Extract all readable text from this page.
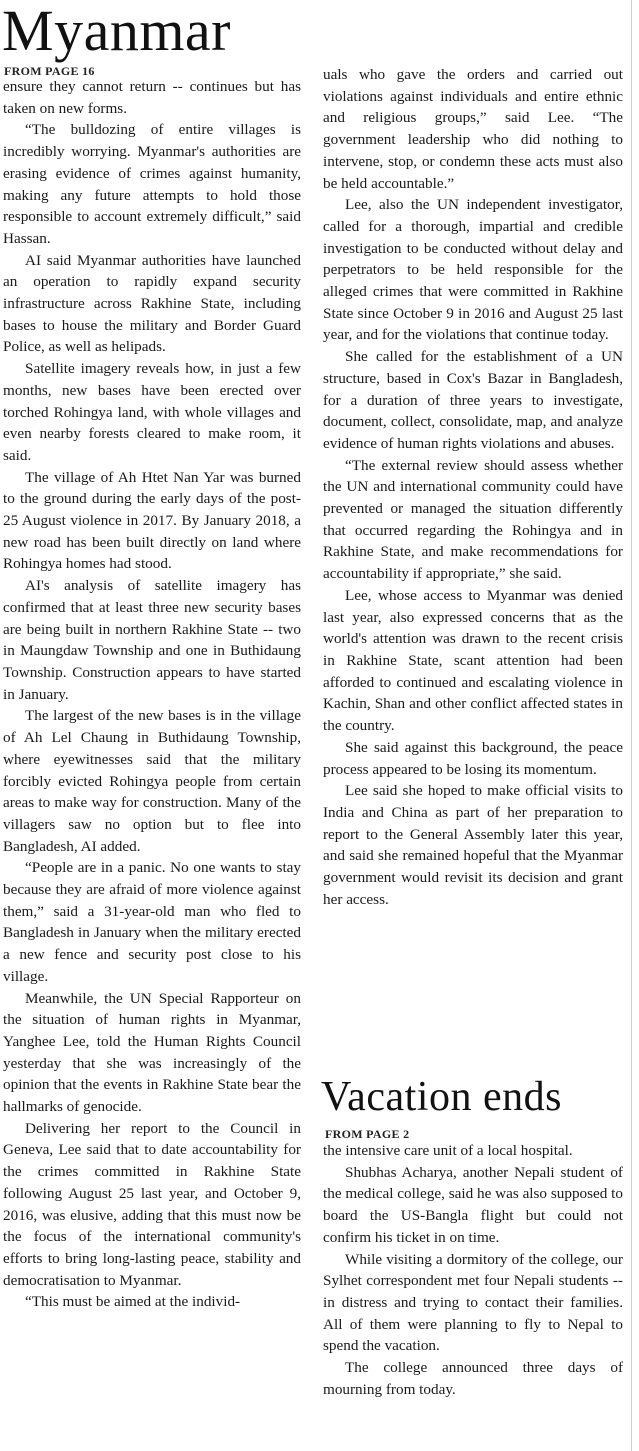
Myanmar
FROM PAGE 16

ensure they cannot return -- continues but has taken on new forms.

“The bulldozing of entire villages is incredibly worrying. Myanmar's authorities are erasing evidence of crimes against humanity, making any future attempts to hold those responsible to account extremely difficult,” said Hassan.

AI said Myanmar authorities have launched an operation to rapidly expand security infrastructure across Rakhine State, including bases to house the military and Border Guard Police, as well as helipads.

Satellite imagery reveals how, in just a few months, new bases have been erected over torched Rohingya land, with whole villages and even nearby forests cleared to make room, it said.

The village of Ah Htet Nan Yar was burned to the ground during the early days of the post-25 August violence in 2017. By January 2018, a new road has been built directly on land where Rohingya homes had stood.

AI's analysis of satellite imagery has confirmed that at least three new security bases are being built in northern Rakhine State -- two in Maungdaw Township and one in Buthidaung Township. Construction appears to have started in January.

The largest of the new bases is in the village of Ah Lel Chaung in Buthidaung Township, where eyewitnesses said that the military forcibly evicted Rohingya people from certain areas to make way for construction. Many of the villagers saw no option but to flee into Bangladesh, AI added.

“People are in a panic. No one wants to stay because they are afraid of more violence against them,” said a 31-year-old man who fled to Bangladesh in January when the military erected a new fence and security post close to his village.

Meanwhile, the UN Special Rapporteur on the situation of human rights in Myanmar, Yanghee Lee, told the Human Rights Council yesterday that she was increasingly of the opinion that the events in Rakhine State bear the hallmarks of genocide.

Delivering her report to the Council in Geneva, Lee said that to date accountability for the crimes committed in Rakhine State following August 25 last year, and October 9, 2016, was elusive, adding that this must now be the focus of the international community's efforts to bring long-lasting peace, stability and democratisation to Myanmar.

“This must be aimed at the individ-

uals who gave the orders and carried out violations against individuals and entire ethnic and religious groups,” said Lee. “The government leadership who did nothing to intervene, stop, or condemn these acts must also be held accountable.”

Lee, also the UN independent investigator, called for a thorough, impartial and credible investigation to be conducted without delay and perpetrators to be held responsible for the alleged crimes that were committed in Rakhine State since October 9 in 2016 and August 25 last year, and for the violations that continue today.

She called for the establishment of a UN structure, based in Cox's Bazar in Bangladesh, for a duration of three years to investigate, document, collect, consolidate, map, and analyze evidence of human rights violations and abuses.

“The external review should assess whether the UN and international community could have prevented or managed the situation differently that occurred regarding the Rohingya and in Rakhine State, and make recommendations for accountability if appropriate,” she said.

Lee, whose access to Myanmar was denied last year, also expressed concerns that as the world's attention was drawn to the recent crisis in Rakhine State, scant attention had been afforded to continued and escalating violence in Kachin, Shan and other conflict affected states in the country.

She said against this background, the peace process appeared to be losing its momentum.

Lee said she hoped to make official visits to India and China as part of her preparation to report to the General Assembly later this year, and said she remained hopeful that the Myanmar government would revisit its decision and grant her access.

Vacation ends
FROM PAGE 2

the intensive care unit of a local hospital.

Shubhas Acharya, another Nepali student of the medical college, said he was also supposed to board the US-Bangla flight but could not confirm his ticket in on time.

While visiting a dormitory of the college, our Sylhet correspondent met four Nepali students -- in distress and trying to contact their families. All of them were planning to fly to Nepal to spend the vacation.

The college announced three days of mourning from today.
